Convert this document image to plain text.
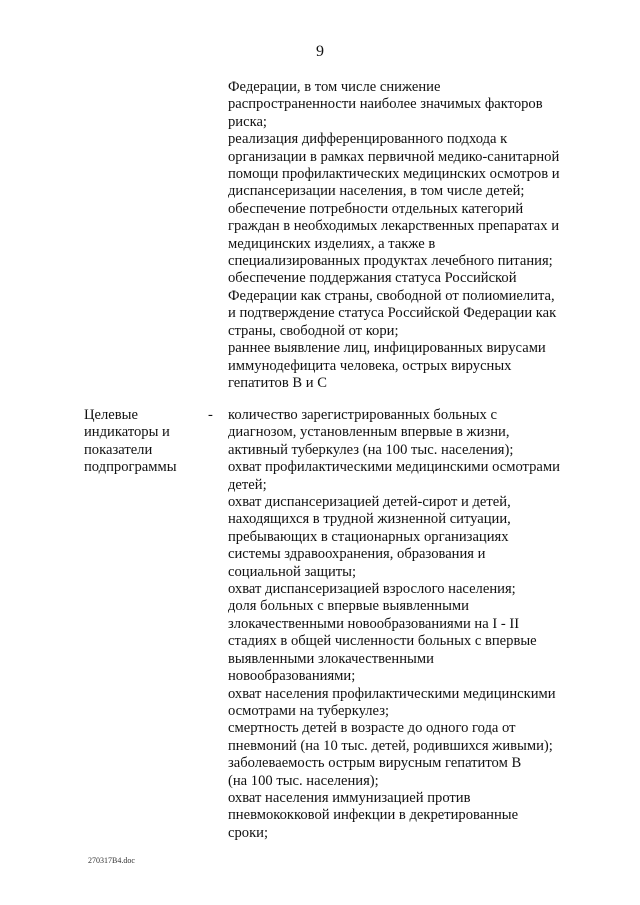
9
Федерации, в том числе снижение
распространенности наиболее значимых факторов
риска;
реализация дифференцированного подхода к
организации в рамках первичной медико-санитарной
помощи профилактических медицинских осмотров и
диспансеризации населения, в том числе детей;
обеспечение потребности отдельных категорий
граждан в необходимых лекарственных препаратах и
медицинских изделиях, а также в
специализированных продуктах лечебного питания;
обеспечение поддержания статуса Российской
Федерации как страны, свободной от полиомиелита,
и подтверждение статуса Российской Федерации как
страны, свободной от кори;
раннее выявление лиц, инфицированных вирусами
иммунодефицита человека, острых вирусных
гепатитов В и С
Целевые
индикаторы и
показатели
подпрограммы
- количество зарегистрированных больных с
диагнозом, установленным впервые в жизни,
активный туберкулез (на 100 тыс. населения);
охват профилактическими медицинскими осмотрами
детей;
охват диспансеризацией детей-сирот и детей,
находящихся в трудной жизненной ситуации,
пребывающих в стационарных организациях
системы здравоохранения, образования и
социальной защиты;
охват диспансеризацией взрослого населения;
доля больных с впервые выявленными
злокачественными новообразованиями на I - II
стадиях в общей численности больных с впервые
выявленными злокачественными
новообразованиями;
охват населения профилактическими медицинскими
осмотрами на туберкулез;
смертность детей в возрасте до одного года от
пневмоний (на 10 тыс. детей, родившихся живыми);
заболеваемость острым вирусным гепатитом В
(на 100 тыс. населения);
охват населения иммунизацией против
пневмококковой инфекции в декретированные
сроки;
270317B4.doc
